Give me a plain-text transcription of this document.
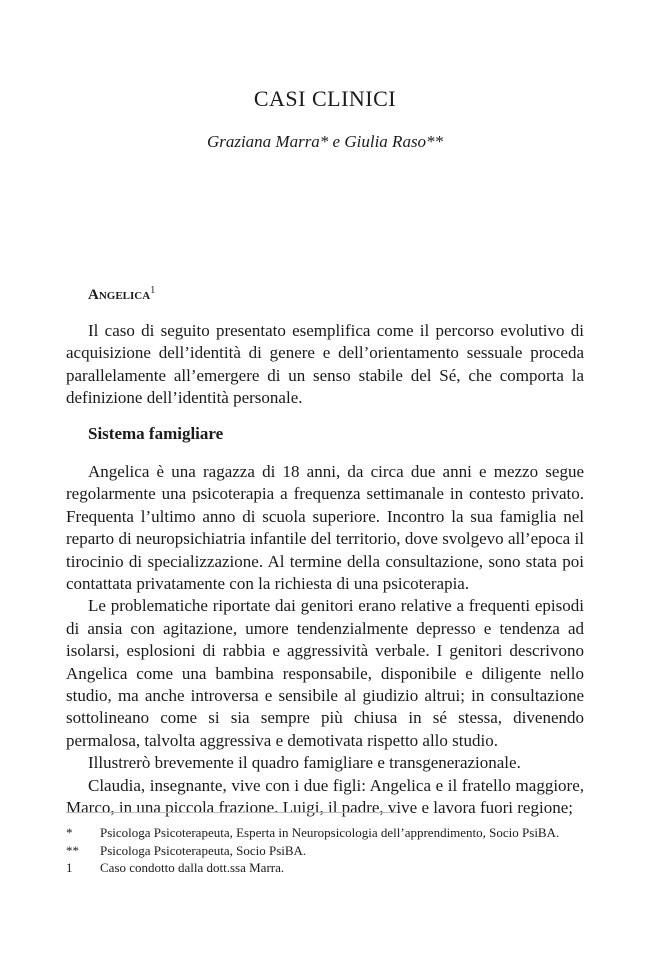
CASI CLINICI
Graziana Marra* e Giulia Raso**
Angelica$^1$

Il caso di seguito presentato esemplifica come il percorso evolutivo di acquisizione dell’identità di genere e dell’orientamento sessuale proceda parallelamente all’emergere di un senso stabile del Sé, che comporta la definizione dell’identità personale.

Sistema famigliare

Angelica è una ragazza di 18 anni, da circa due anni e mezzo segue regolarmente una psicoterapia a frequenza settimanale in contesto privato. Frequenta l’ultimo anno di scuola superiore. Incontro la sua famiglia nel reparto di neuropsichiatria infantile del territorio, dove svolgevo all’epoca il tirocinio di specializzazione. Al termine della consultazione, sono stata poi contattata privatamente con la richiesta di una psicoterapia.

Le problematiche riportate dai genitori erano relative a frequenti episodi di ansia con agitazione, umore tendenzialmente depresso e tendenza ad isolarsi, esplosioni di rabbia e aggressività verbale. I genitori descrivono Angelica come una bambina responsabile, disponibile e diligente nello studio, ma anche introversa e sensibile al giudizio altrui; in consultazione sottolineano come si sia sempre più chiusa in sé stessa, divenendo permalosa, talvolta aggressiva e demotivata rispetto allo studio.

Illustrerò brevemente il quadro famigliare e transgenerazionale.

Claudia, insegnante, vive con i due figli: Angelica e il fratello maggiore, Marco, in una piccola frazione. Luigi, il padre, vive e lavora fuori regione;

*	Psicologa Psicoterapeuta, Esperta in Neuropsicologia dell’apprendimento, Socio PsiBA.
**	Psicologa Psicoterapeuta, Socio PsiBA.
1	Caso condotto dalla dott.ssa Marra.
